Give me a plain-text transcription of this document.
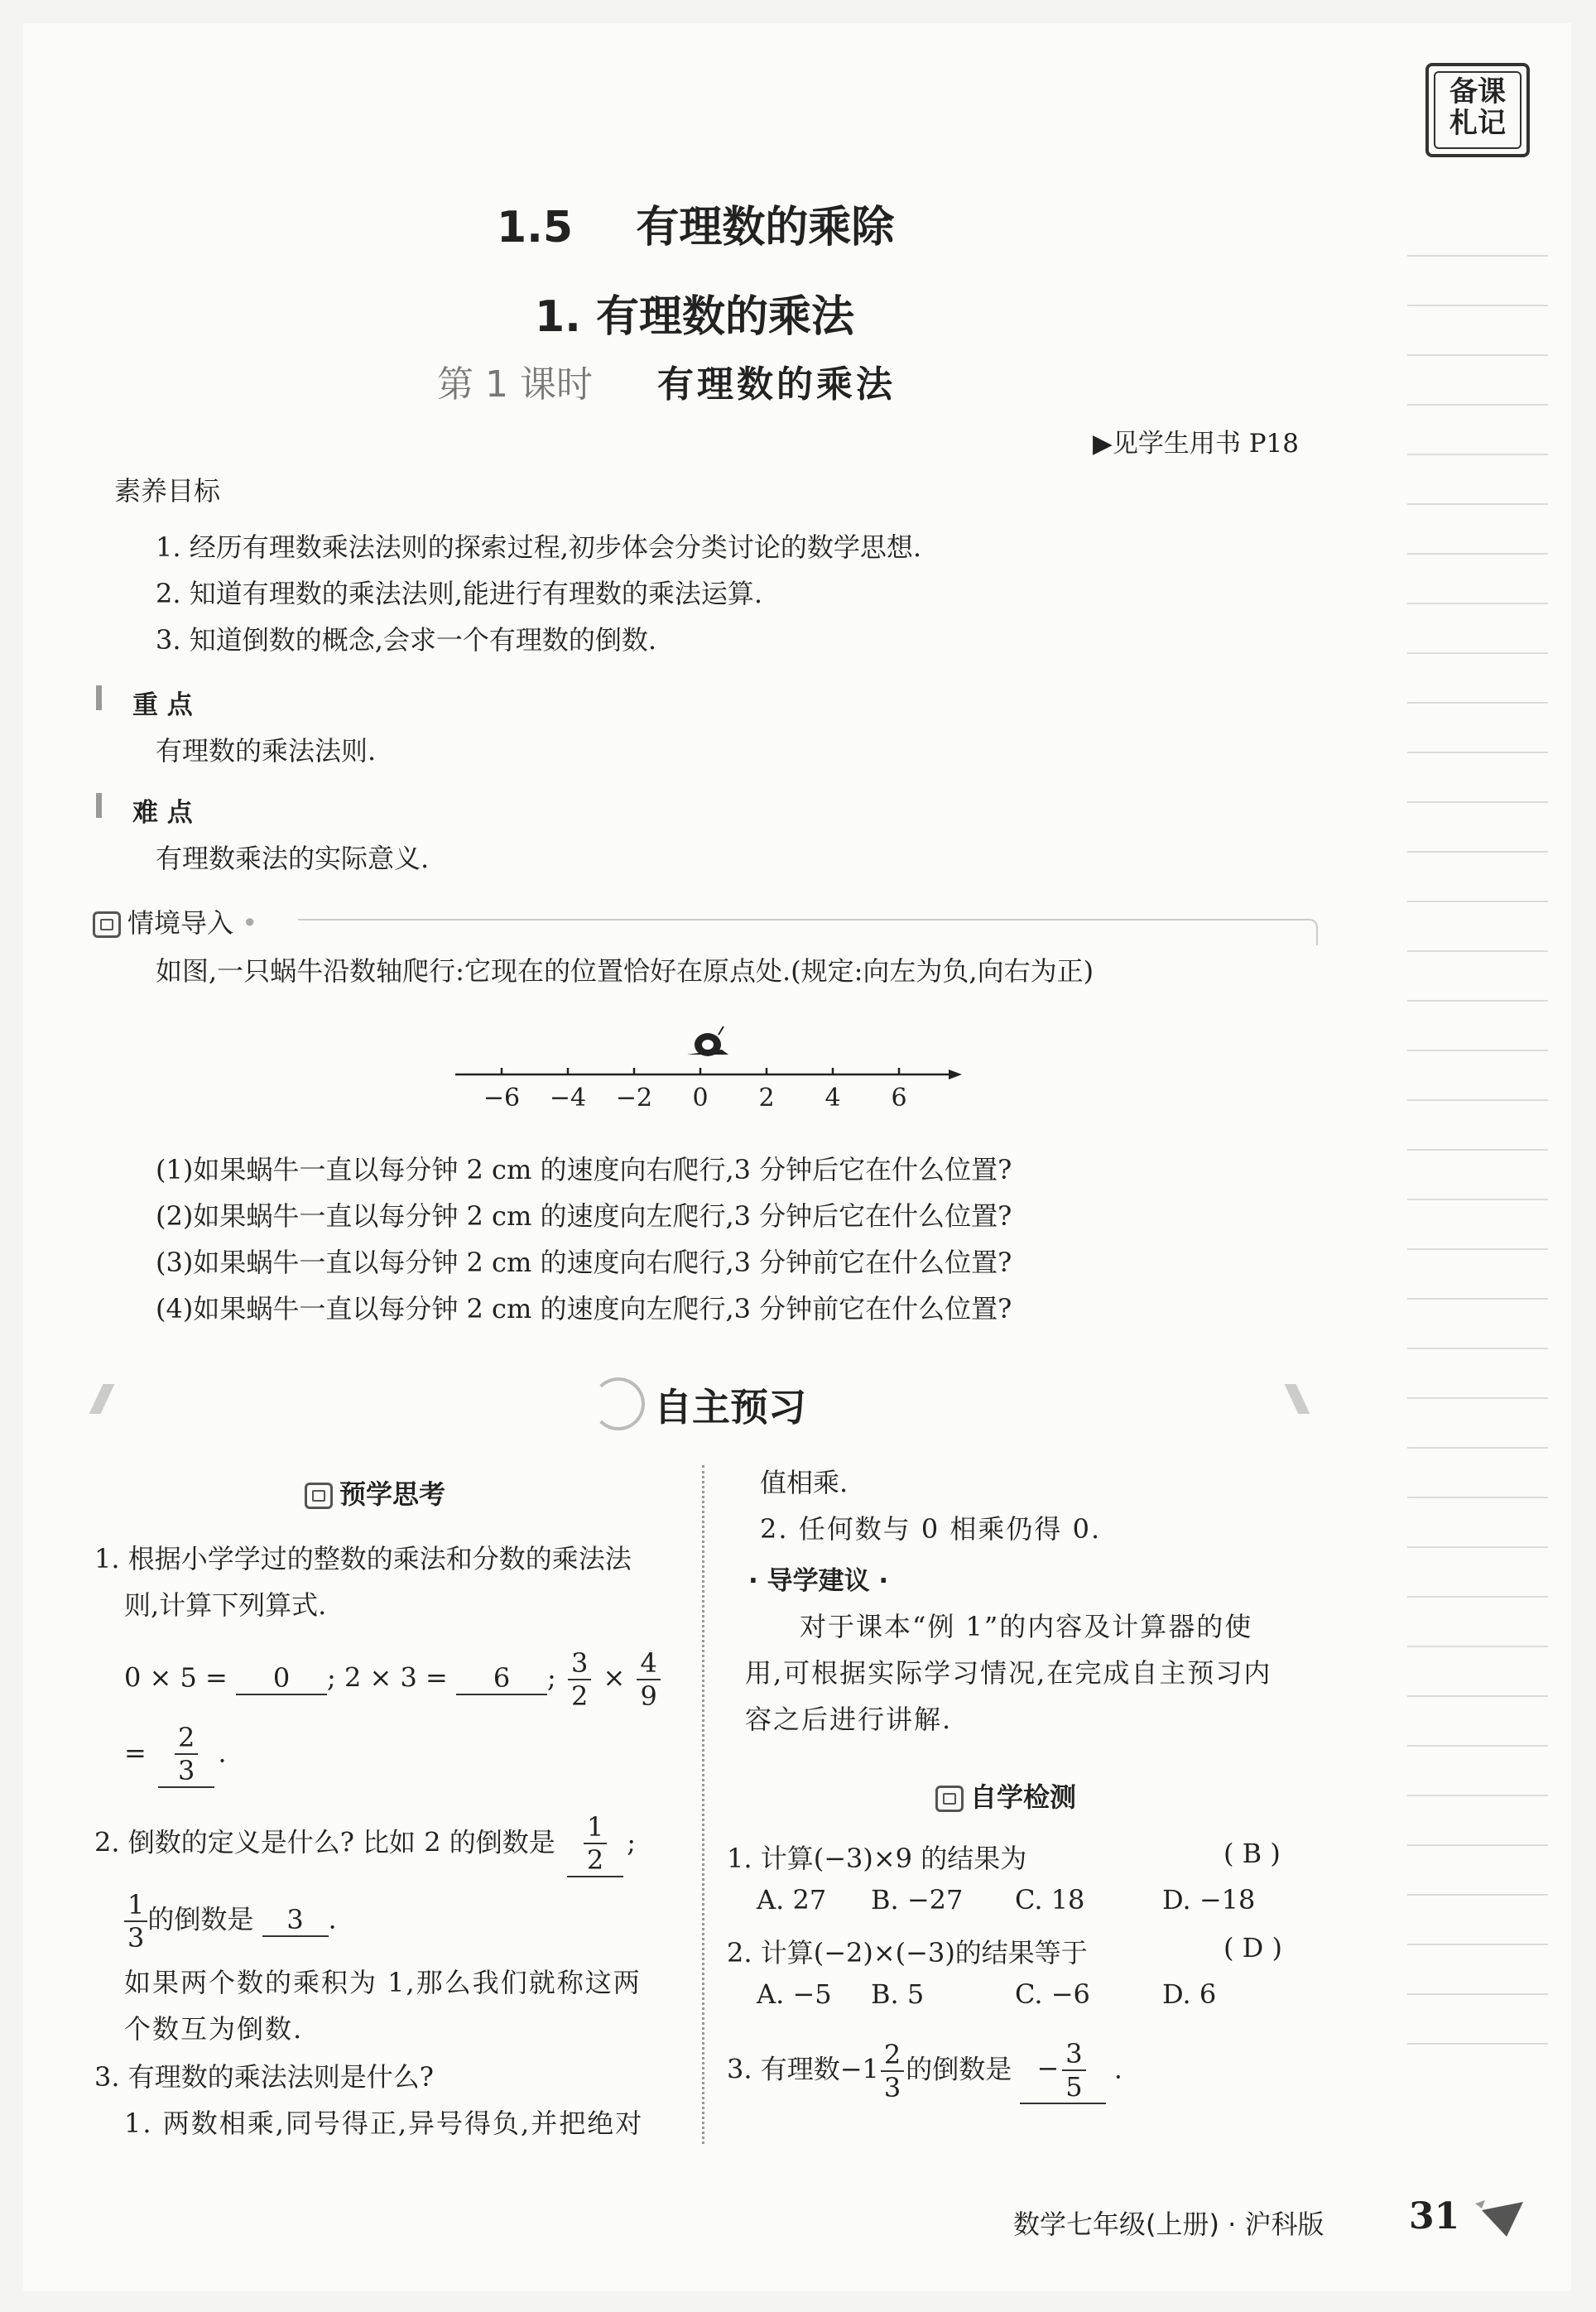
备课
札记
1.5 有理数的乘除
1. 有理数的乘法
第 1 课时 有理数的乘法
▶见学生用书 P18
素养目标
1. 经历有理数乘法法则的探索过程,初步体会分类讨论的数学思想.
2. 知道有理数的乘法法则,能进行有理数的乘法运算.
3. 知道倒数的概念,会求一个有理数的倒数.
重 点
有理数的乘法法则.
难 点
有理数乘法的实际意义.
情境导入 •
如图,一只蜗牛沿数轴爬行:它现在的位置恰好在原点处.(规定:向左为负,向右为正)
−6 −4 −2 0 2 4 6
(1)如果蜗牛一直以每分钟 2 cm 的速度向右爬行,3 分钟后它在什么位置?
(2)如果蜗牛一直以每分钟 2 cm 的速度向左爬行,3 分钟后它在什么位置?
(3)如果蜗牛一直以每分钟 2 cm 的速度向右爬行,3 分钟前它在什么位置?
(4)如果蜗牛一直以每分钟 2 cm 的速度向左爬行,3 分钟前它在什么位置?
自主预习
预学思考
1. 根据小学学过的整数的乘法和分数的乘法法
则,计算下列算式.
0 × 5 = 0 ; 2 × 3 = 6 ; $\frac{3}{2} \times \frac{4}{9}$
= $\frac{2}{3}$ .
2. 倒数的定义是什么? 比如 2 的倒数是 $\frac{1}{2}$ ;
$\frac{1}{3}$ 的倒数是 3 .
如果两个数的乘积为 1,那么我们就称这两
个数互为倒数.
3. 有理数的乘法法则是什么?
1. 两数相乘,同号得正,异号得负,并把绝对
值相乘.
2. 任何数与 0 相乘仍得 0.
· 导学建议 ·
对于课本“例 1”的内容及计算器的使
用,可根据实际学习情况,在完成自主预习内
容之后进行讲解.
自学检测
1. 计算(−3)×9 的结果为	( B )
A. 27 B. −27 C. 18	D. −18
2. 计算(−2)×(−3)的结果等于	( D )
A. −5 B. 5	C. −6	D. 6
3. 有理数$-1 \frac{2}{3}$ 的倒数是 − $\frac{3}{5}$ .
数学七年级(上册) · 沪科版 31
